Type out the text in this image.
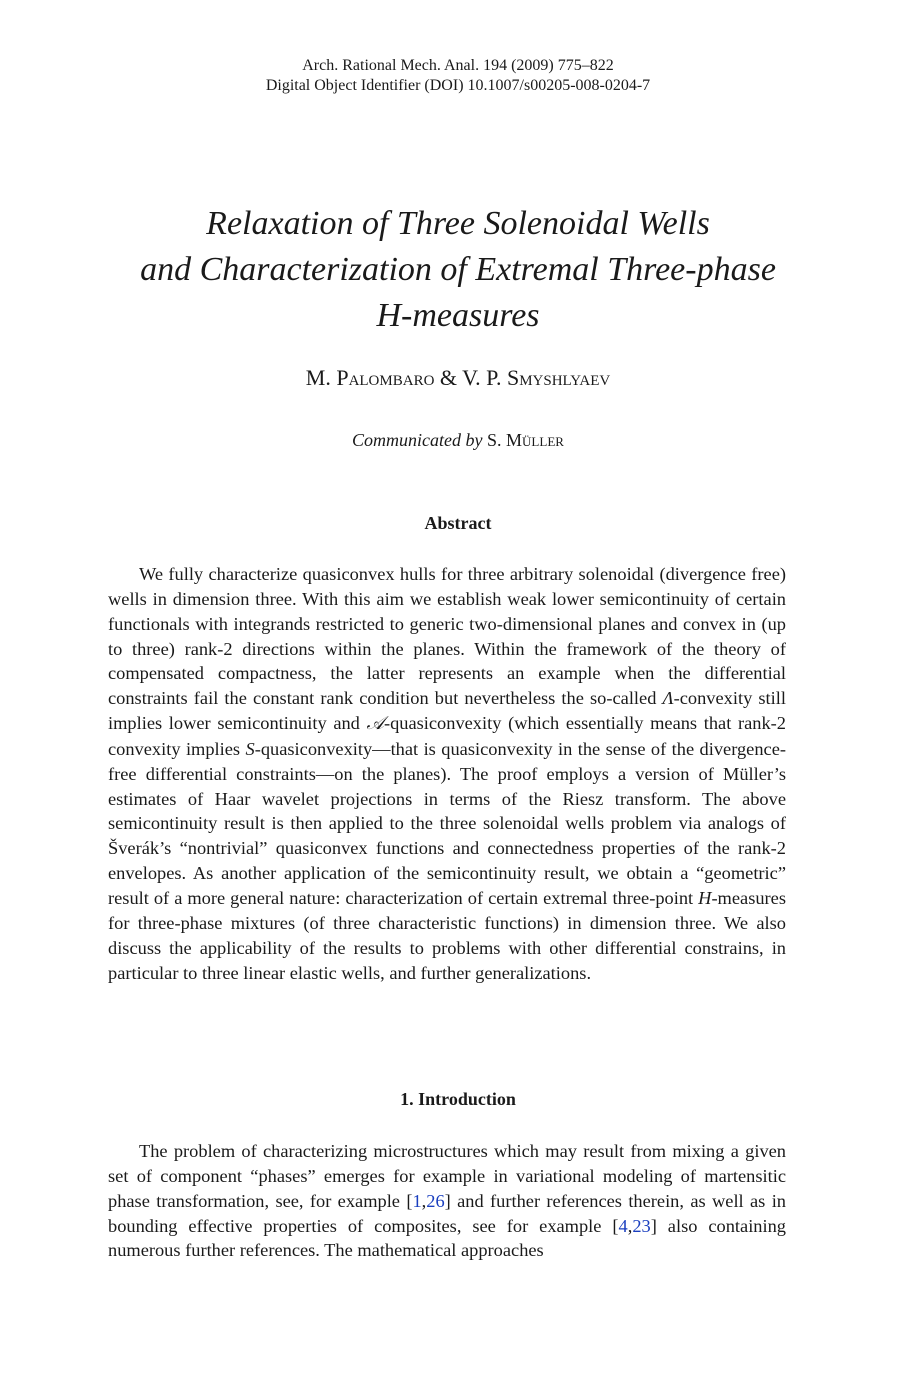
Arch. Rational Mech. Anal. 194 (2009) 775–822
Digital Object Identifier (DOI) 10.1007/s00205-008-0204-7
Relaxation of Three Solenoidal Wells
and Characterization of Extremal Three-phase
H-measures
M. Palombaro & V. P. Smyshlyaev
Communicated by S. Müller
Abstract

We fully characterize quasiconvex hulls for three arbitrary solenoidal (divergence free) wells in dimension three. With this aim we establish weak lower semicontinuity of certain functionals with integrands restricted to generic two-dimensional planes and convex in (up to three) rank-2 directions within the planes. Within the framework of the theory of compensated compactness, the latter represents an example when the differential constraints fail the constant rank condition but nevertheless the so-called Λ-convexity still implies lower semicontinuity and 𝒜-quasiconvexity (which essentially means that rank-2 convexity implies S-quasiconvexity—that is quasiconvexity in the sense of the divergence-free differential constraints—on the planes). The proof employs a version of Müller’s estimates of Haar wavelet projections in terms of the Riesz transform. The above semicontinuity result is then applied to the three solenoidal wells problem via analogs of Šverák’s “nontrivial” quasiconvex functions and connectedness properties of the rank-2 envelopes. As another application of the semicontinuity result, we obtain a “geometric” result of a more general nature: characterization of certain extremal three-point H-measures for three-phase mixtures (of three characteristic functions) in dimension three. We also discuss the applicability of the results to problems with other differential constrains, in particular to three linear elastic wells, and further generalizations.

1. Introduction

The problem of characterizing microstructures which may result from mixing a given set of component “phases” emerges for example in variational modeling of martensitic phase transformation, see, for example [1,26] and further references therein, as well as in bounding effective properties of composites, see for example [4,23] also containing numerous further references. The mathematical approaches
